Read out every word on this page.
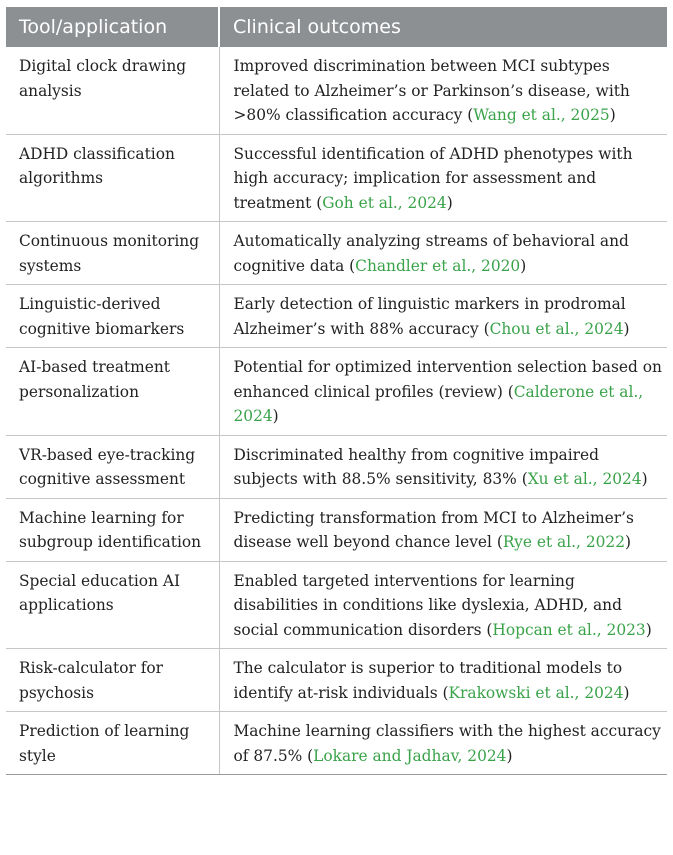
Tool/application	Clinical outcomes
Digital clock drawing analysis	Improved discrimination between MCI subtypes related to Alzheimer’s or Parkinson’s disease, with >80% classification accuracy (Wang et al., 2025)
ADHD classification algorithms	Successful identification of ADHD phenotypes with high accuracy; implication for assessment and treatment (Goh et al., 2024)
Continuous monitoring systems	Automatically analyzing streams of behavioral and cognitive data (Chandler et al., 2020)
Linguistic-derived cognitive biomarkers	Early detection of linguistic markers in prodromal Alzheimer’s with 88% accuracy (Chou et al., 2024)
AI-based treatment personalization	Potential for optimized intervention selection based on enhanced clinical profiles (review) (Calderone et al., 2024)
VR-based eye-tracking cognitive assessment	Discriminated healthy from cognitive impaired subjects with 88.5% sensitivity, 83% (Xu et al., 2024)
Machine learning for subgroup identification	Predicting transformation from MCI to Alzheimer’s disease well beyond chance level (Rye et al., 2022)
Special education AI applications	Enabled targeted interventions for learning disabilities in conditions like dyslexia, ADHD, and social communication disorders (Hopcan et al., 2023)
Risk-calculator for psychosis	The calculator is superior to traditional models to identify at-risk individuals (Krakowski et al., 2024)
Prediction of learning style	Machine learning classifiers with the highest accuracy of 87.5% (Lokare and Jadhav, 2024)
